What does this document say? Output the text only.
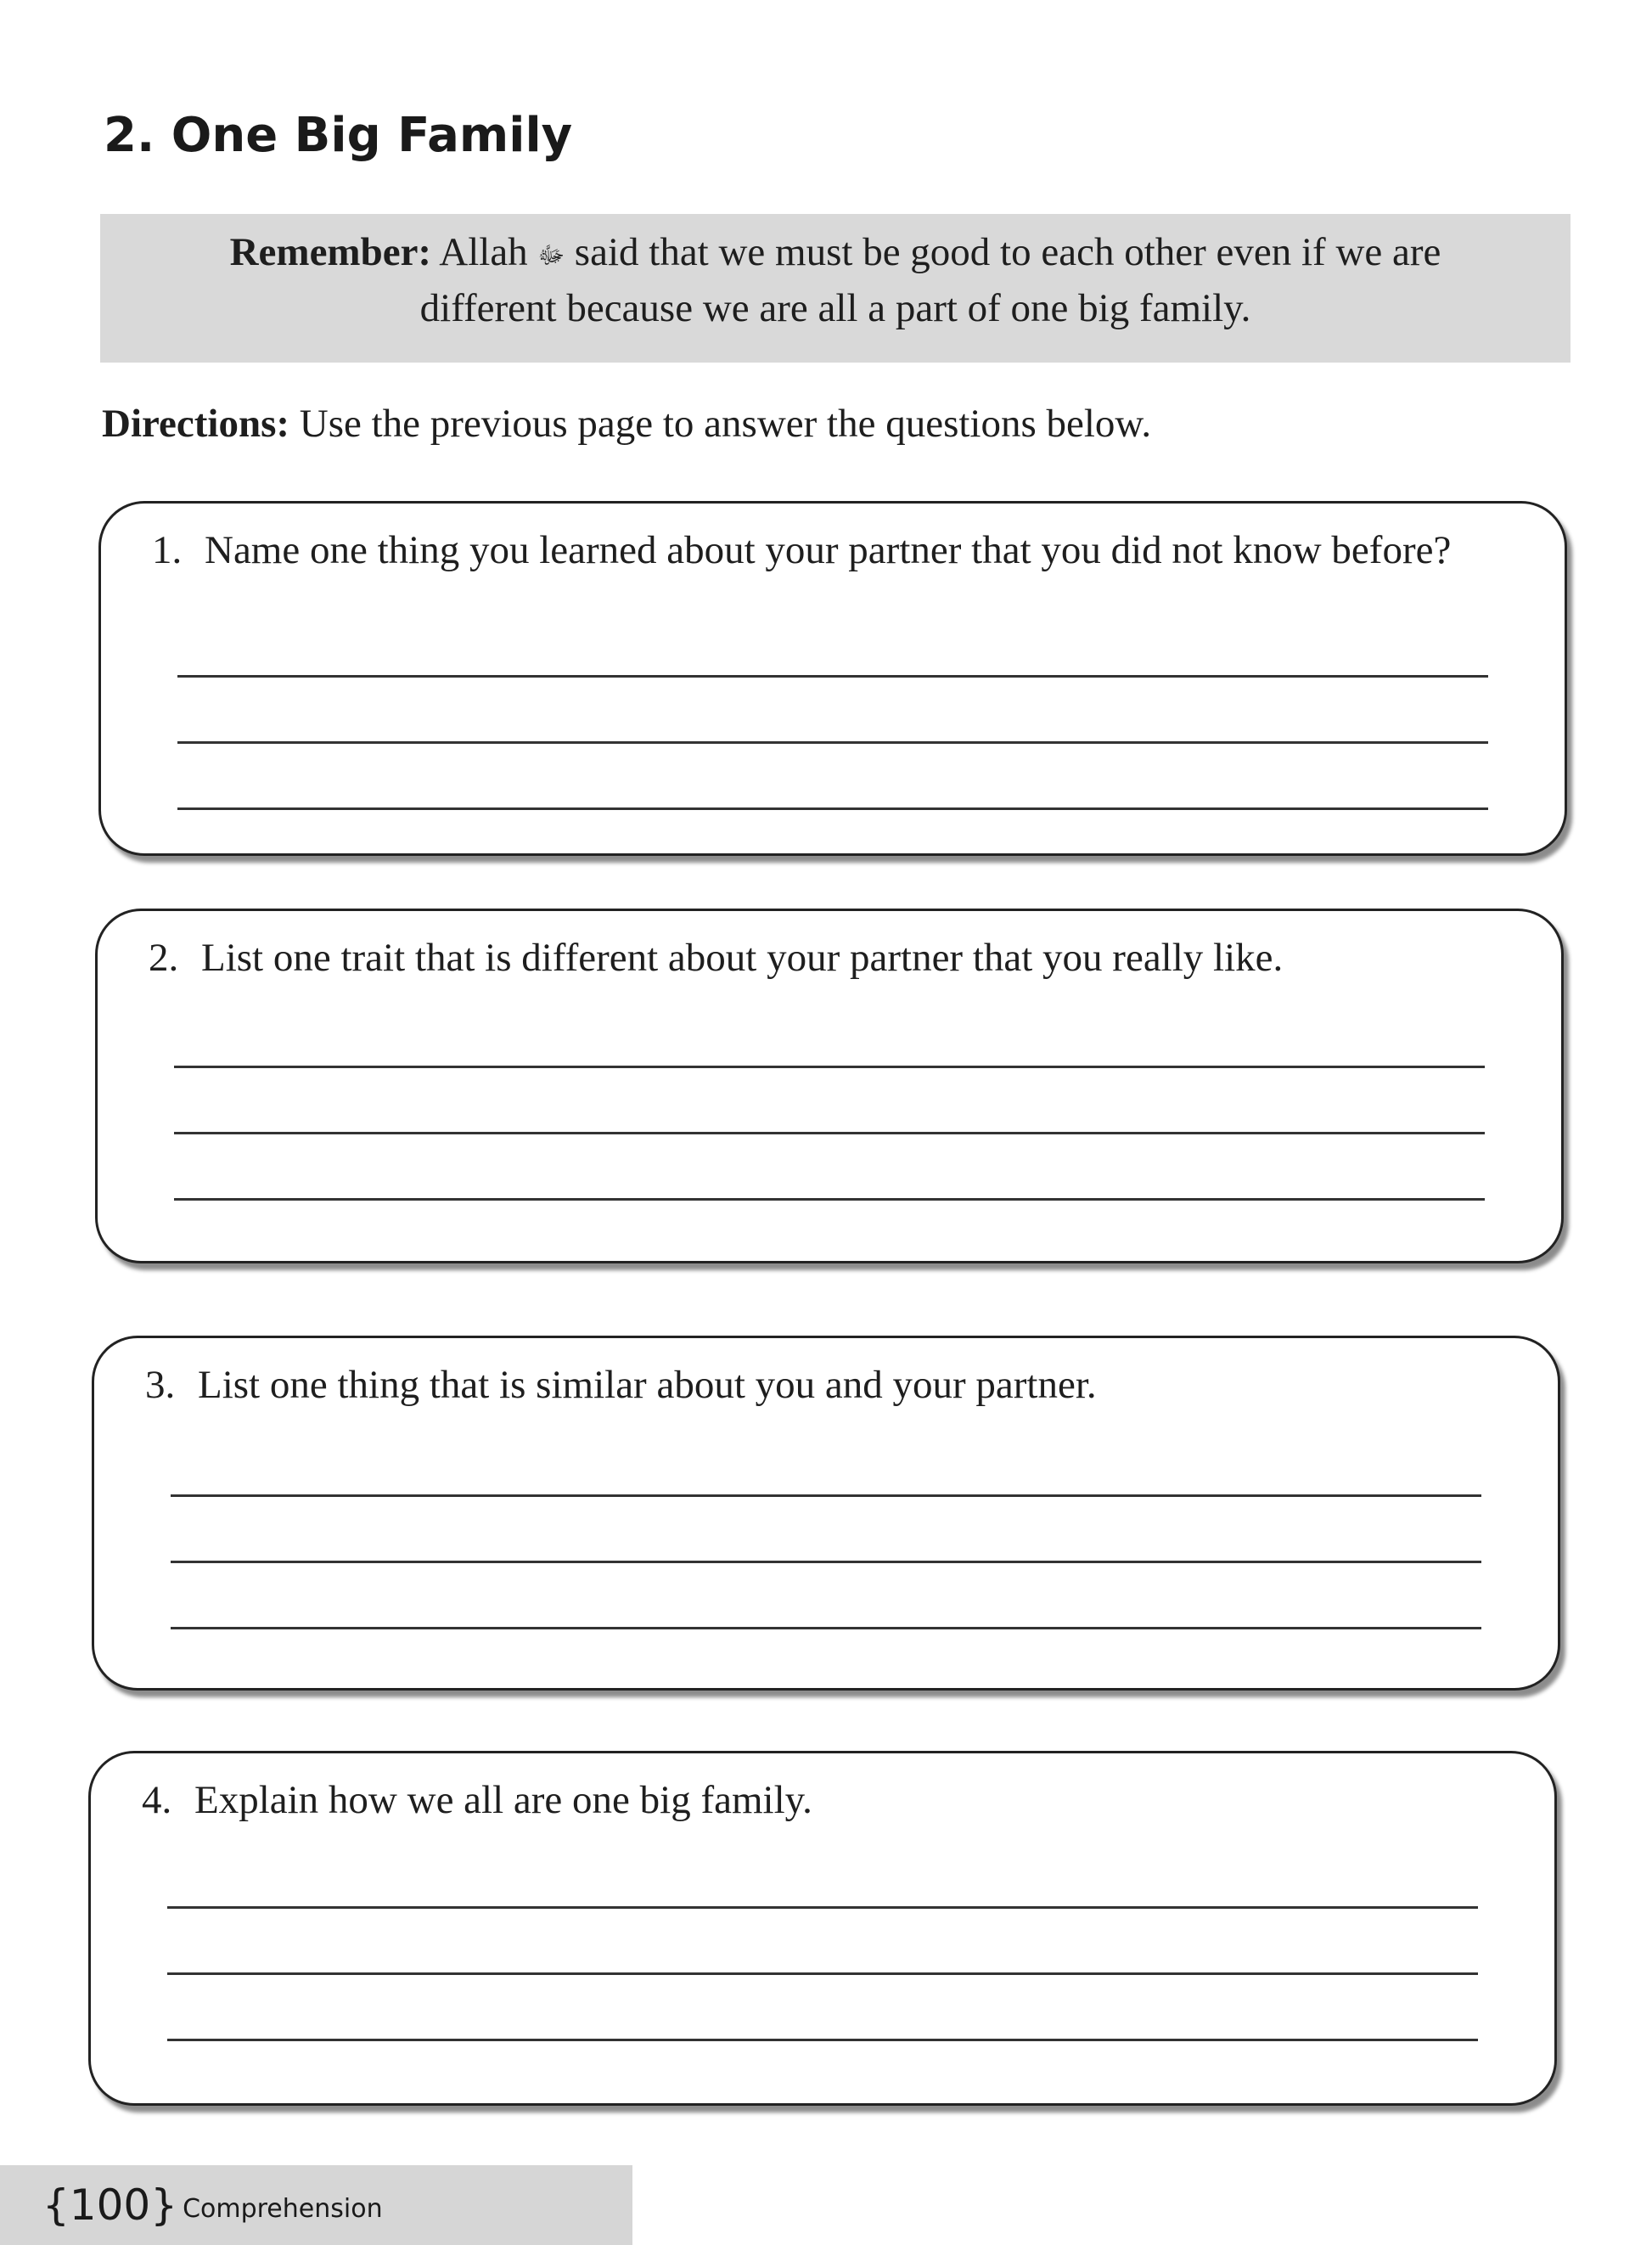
2. One Big Family
Remember: Allah ﷻ said that we must be good to each other even if we are different because we are all a part of one big family.
Directions: Use the previous page to answer the questions below.
1. Name one thing you learned about your partner that you did not know before?
2. List one trait that is different about your partner that you really like.
3. List one thing that is similar about you and your partner.
4. Explain how we all are one big family.
{100} Comprehension
